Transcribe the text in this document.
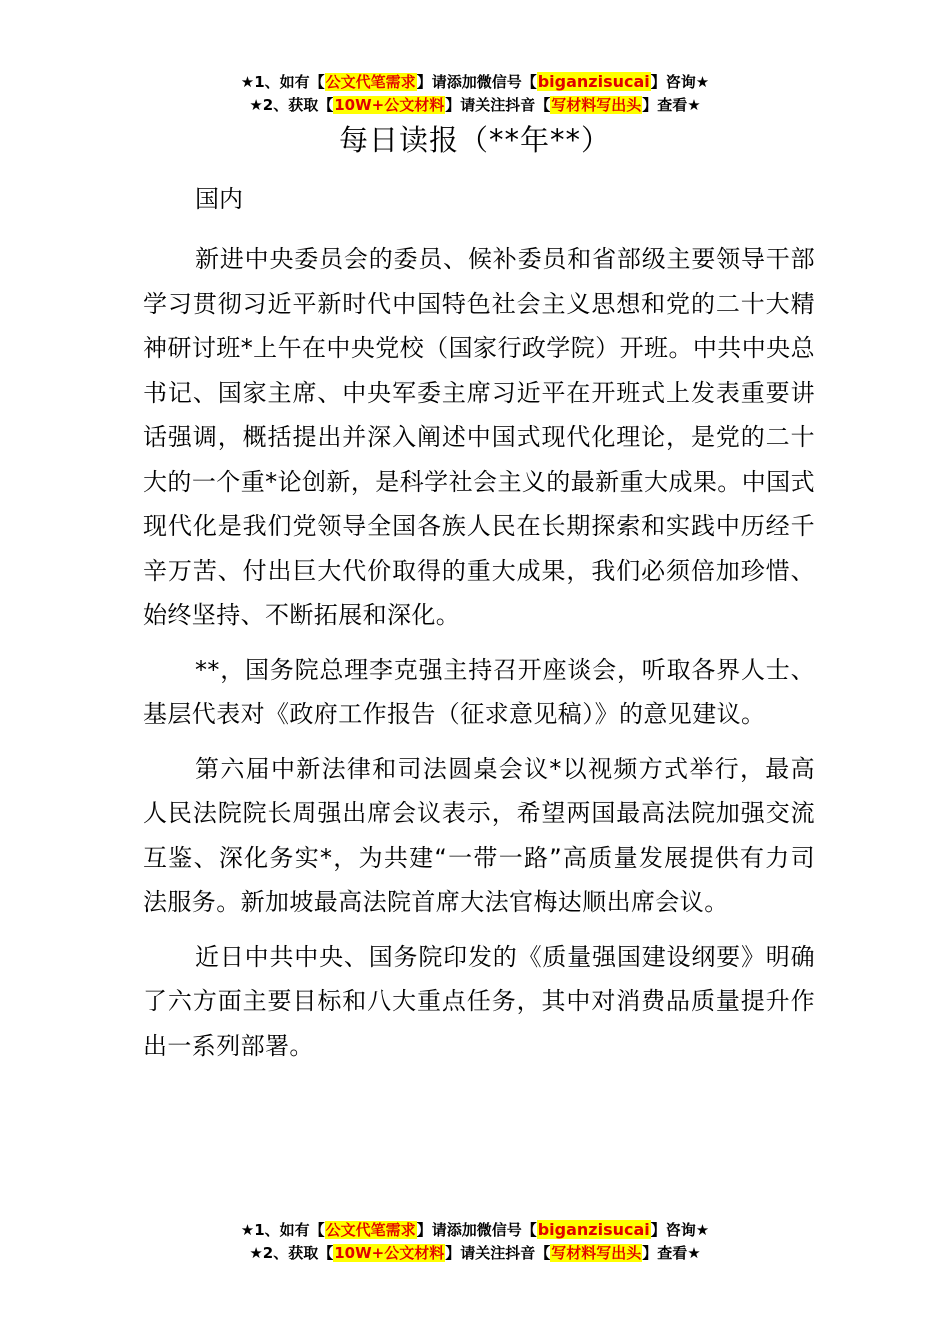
★1、如有【公文代笔需求】请添加微信号【biganzisucai】咨询★
★2、获取【10W+公文材料】请关注抖音【写材料写出头】查看★
每日读报（**年**）
国内

新进中央委员会的委员、候补委员和省部级主要领导干部学习贯彻习近平新时代中国特色社会主义思想和党的二十大精神研讨班*上午在中央党校（国家行政学院）开班。中共中央总书记、国家主席、中央军委主席习近平在开班式上发表重要讲话强调，概括提出并深入阐述中国式现代化理论，是党的二十大的一个重*论创新，是科学社会主义的最新重大成果。中国式现代化是我们党领导全国各族人民在长期探索和实践中历经千辛万苦、付出巨大代价取得的重大成果，我们必须倍加珍惜、始终坚持、不断拓展和深化。

**，国务院总理李克强主持召开座谈会，听取各界人士、基层代表对《政府工作报告（征求意见稿）》的意见建议。

第六届中新法律和司法圆桌会议*以视频方式举行，最高人民法院院长周强出席会议表示，希望两国最高法院加强交流互鉴、深化务实*，为共建“一带一路”高质量发展提供有力司法服务。新加坡最高法院首席大法官梅达顺出席会议。

近日中共中央、国务院印发的《质量强国建设纲要》明确了六方面主要目标和八大重点任务，其中对消费品质量提升作出一系列部署。

★1、如有【公文代笔需求】请添加微信号【biganzisucai】咨询★
★2、获取【10W+公文材料】请关注抖音【写材料写出头】查看★
